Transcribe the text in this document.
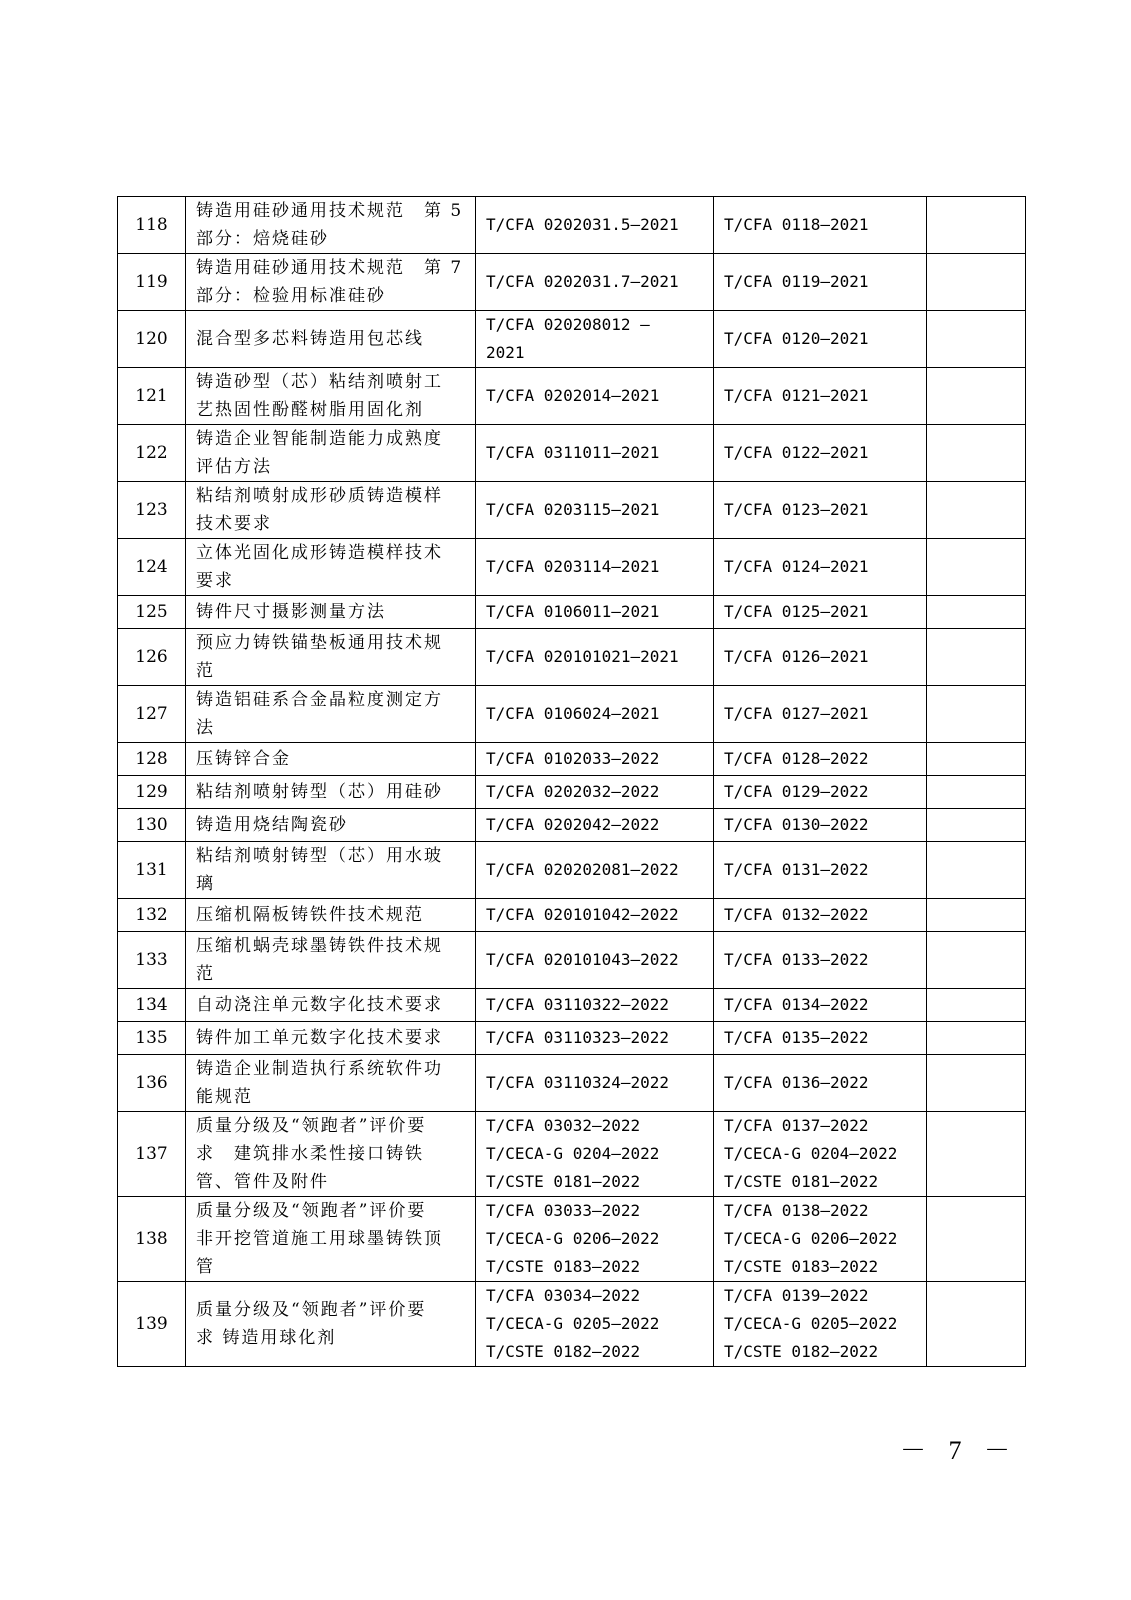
118	铸造用硅砂通用技术规范　第 5
部分：焙烧硅砂	T/CFA 0202031.5—2021	T/CFA 0118—2021	

119	铸造用硅砂通用技术规范　第 7
部分：检验用标准硅砂	T/CFA 0202031.7—2021	T/CFA 0119—2021	

120	混合型多芯料铸造用包芯线	T/CFA 020208012 —
2021	T/CFA 0120—2021	

121	铸造砂型（芯）粘结剂喷射工
艺热固性酚醛树脂用固化剂	T/CFA 0202014—2021	T/CFA 0121—2021	

122	铸造企业智能制造能力成熟度
评估方法	T/CFA 0311011—2021	T/CFA 0122—2021	

123	粘结剂喷射成形砂质铸造模样
技术要求	T/CFA 0203115—2021	T/CFA 0123—2021	

124	立体光固化成形铸造模样技术
要求	T/CFA 0203114—2021	T/CFA 0124—2021	

125	铸件尺寸摄影测量方法	T/CFA 0106011—2021	T/CFA 0125—2021	

126	预应力铸铁锚垫板通用技术规
范	T/CFA 020101021—2021	T/CFA 0126—2021	

127	铸造铝硅系合金晶粒度测定方
法	T/CFA 0106024—2021	T/CFA 0127—2021	

128	压铸锌合金	T/CFA 0102033—2022	T/CFA 0128—2022	

129	粘结剂喷射铸型（芯）用硅砂	T/CFA 0202032—2022	T/CFA 0129—2022	

130	铸造用烧结陶瓷砂	T/CFA 0202042—2022	T/CFA 0130—2022	

131	粘结剂喷射铸型（芯）用水玻
璃	T/CFA 020202081—2022	T/CFA 0131—2022	

132	压缩机隔板铸铁件技术规范	T/CFA 020101042—2022	T/CFA 0132—2022	

133	压缩机蜗壳球墨铸铁件技术规
范	T/CFA 020101043—2022	T/CFA 0133—2022	

134	自动浇注单元数字化技术要求	T/CFA 03110322—2022	T/CFA 0134—2022	

135	铸件加工单元数字化技术要求	T/CFA 03110323—2022	T/CFA 0135—2022	

136	铸造企业制造执行系统软件功
能规范	T/CFA 03110324—2022	T/CFA 0136—2022	

137	质量分级及“领跑者”评价要
求　建筑排水柔性接口铸铁
管、管件及附件	T/CFA 03032—2022
T/CECA-G 0204—2022
T/CSTE 0181—2022	T/CFA 0137—2022
T/CECA-G 0204—2022
T/CSTE 0181—2022	

138	质量分级及“领跑者”评价要
非开挖管道施工用球墨铸铁顶
管	T/CFA 03033—2022
T/CECA-G 0206—2022
T/CSTE 0183—2022	T/CFA 0138—2022
T/CECA-G 0206—2022
T/CSTE 0183—2022	

139	质量分级及“领跑者”评价要
求 铸造用球化剂	T/CFA 03034—2022
T/CECA-G 0205—2022
T/CSTE 0182—2022	T/CFA 0139—2022
T/CECA-G 0205—2022
T/CSTE 0182—2022	

－ 7 －
